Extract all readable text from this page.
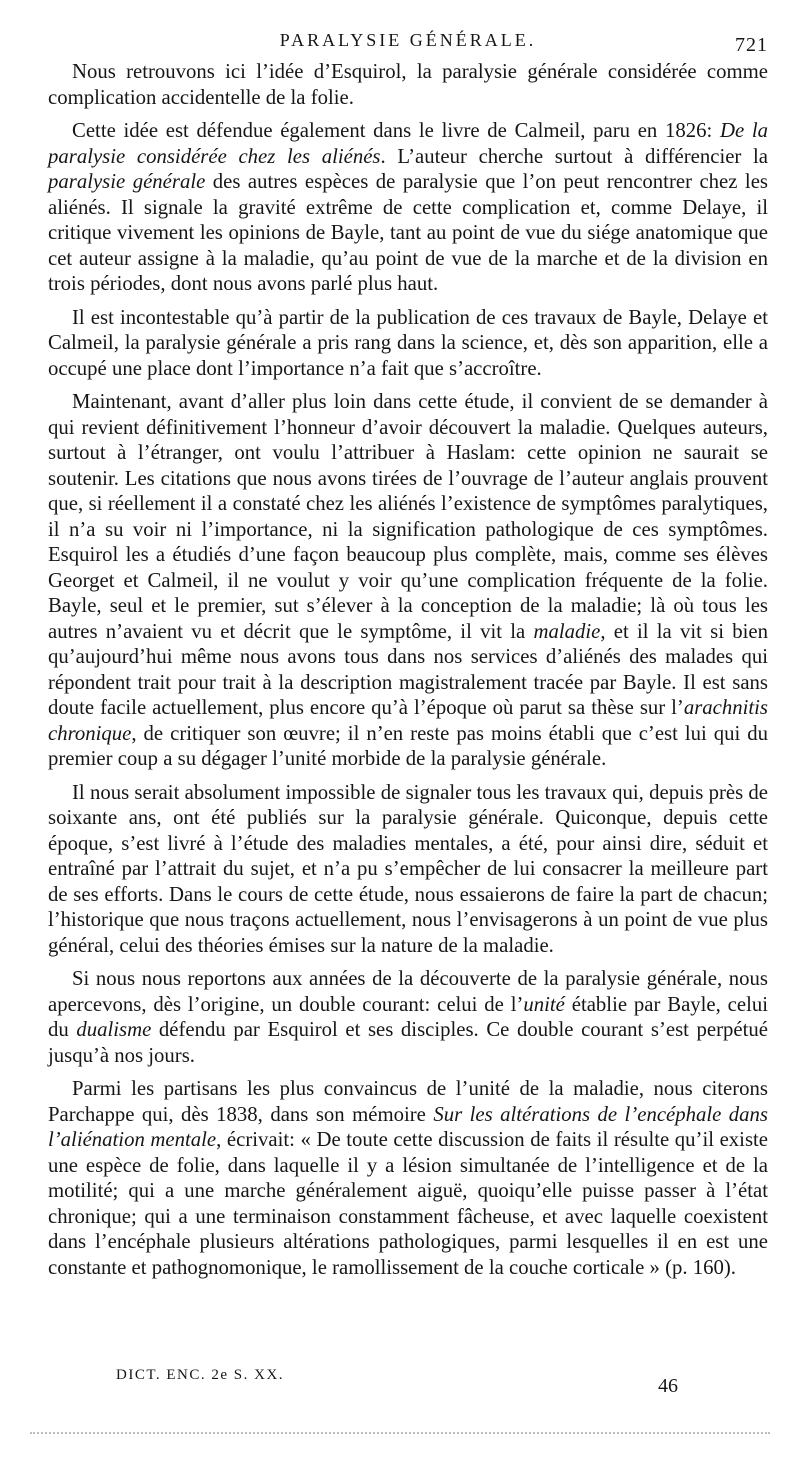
PARALYSIE GÉNÉRALE.	721

Nous retrouvons ici l’idée d’Esquirol, la paralysie générale considérée comme complication accidentelle de la folie.

Cette idée est défendue également dans le livre de Calmeil, paru en 1826: De la paralysie considérée chez les aliénés. L’auteur cherche surtout à différencier la paralysie générale des autres espèces de paralysie que l’on peut rencontrer chez les aliénés. Il signale la gravité extrême de cette complication et, comme Delaye, il critique vivement les opinions de Bayle, tant au point de vue du siége anatomique que cet auteur assigne à la maladie, qu’au point de vue de la marche et de la division en trois périodes, dont nous avons parlé plus haut.

Il est incontestable qu’à partir de la publication de ces travaux de Bayle, Delaye et Calmeil, la paralysie générale a pris rang dans la science, et, dès son apparition, elle a occupé une place dont l’importance n’a fait que s’accroître.

Maintenant, avant d’aller plus loin dans cette étude, il convient de se demander à qui revient définitivement l’honneur d’avoir découvert la maladie. Quelques auteurs, surtout à l’étranger, ont voulu l’attribuer à Haslam: cette opinion ne saurait se soutenir. Les citations que nous avons tirées de l’ouvrage de l’auteur anglais prouvent que, si réellement il a constaté chez les aliénés l’existence de symptômes paralytiques, il n’a su voir ni l’importance, ni la signification pathologique de ces symptômes. Esquirol les a étudiés d’une façon beaucoup plus complète, mais, comme ses élèves Georget et Calmeil, il ne voulut y voir qu’une complication fréquente de la folie. Bayle, seul et le premier, sut s’élever à la conception de la maladie; là où tous les autres n’avaient vu et décrit que le symptôme, il vit la maladie, et il la vit si bien qu’aujourd’hui même nous avons tous dans nos services d’aliénés des malades qui répondent trait pour trait à la description magistralement tracée par Bayle. Il est sans doute facile actuellement, plus encore qu’à l’époque où parut sa thèse sur l’arachnitis chronique, de critiquer son œuvre; il n’en reste pas moins établi que c’est lui qui du premier coup a su dégager l’unité morbide de la paralysie générale.

Il nous serait absolument impossible de signaler tous les travaux qui, depuis près de soixante ans, ont été publiés sur la paralysie générale. Quiconque, depuis cette époque, s’est livré à l’étude des maladies mentales, a été, pour ainsi dire, séduit et entraîné par l’attrait du sujet, et n’a pu s’empêcher de lui consacrer la meilleure part de ses efforts. Dans le cours de cette étude, nous essaierons de faire la part de chacun; l’historique que nous traçons actuellement, nous l’envisagerons à un point de vue plus général, celui des théories émises sur la nature de la maladie.

Si nous nous reportons aux années de la découverte de la paralysie générale, nous apercevons, dès l’origine, un double courant: celui de l’unité établie par Bayle, celui du dualisme défendu par Esquirol et ses disciples. Ce double courant s’est perpétué jusqu’à nos jours.

Parmi les partisans les plus convaincus de l’unité de la maladie, nous citerons Parchappe qui, dès 1838, dans son mémoire Sur les altérations de l’encéphale dans l’aliénation mentale, écrivait: « De toute cette discussion de faits il résulte qu’il existe une espèce de folie, dans laquelle il y a lésion simultanée de l’intelligence et de la motilité; qui a une marche généralement aiguë, quoiqu’elle puisse passer à l’état chronique; qui a une terminaison constamment fâcheuse, et avec laquelle coexistent dans l’encéphale plusieurs altérations pathologiques, parmi lesquelles il en est une constante et pathognomonique, le ramollissement de la couche corticale » (p. 160).

DICT. ENC. 2e S. XX.	46
